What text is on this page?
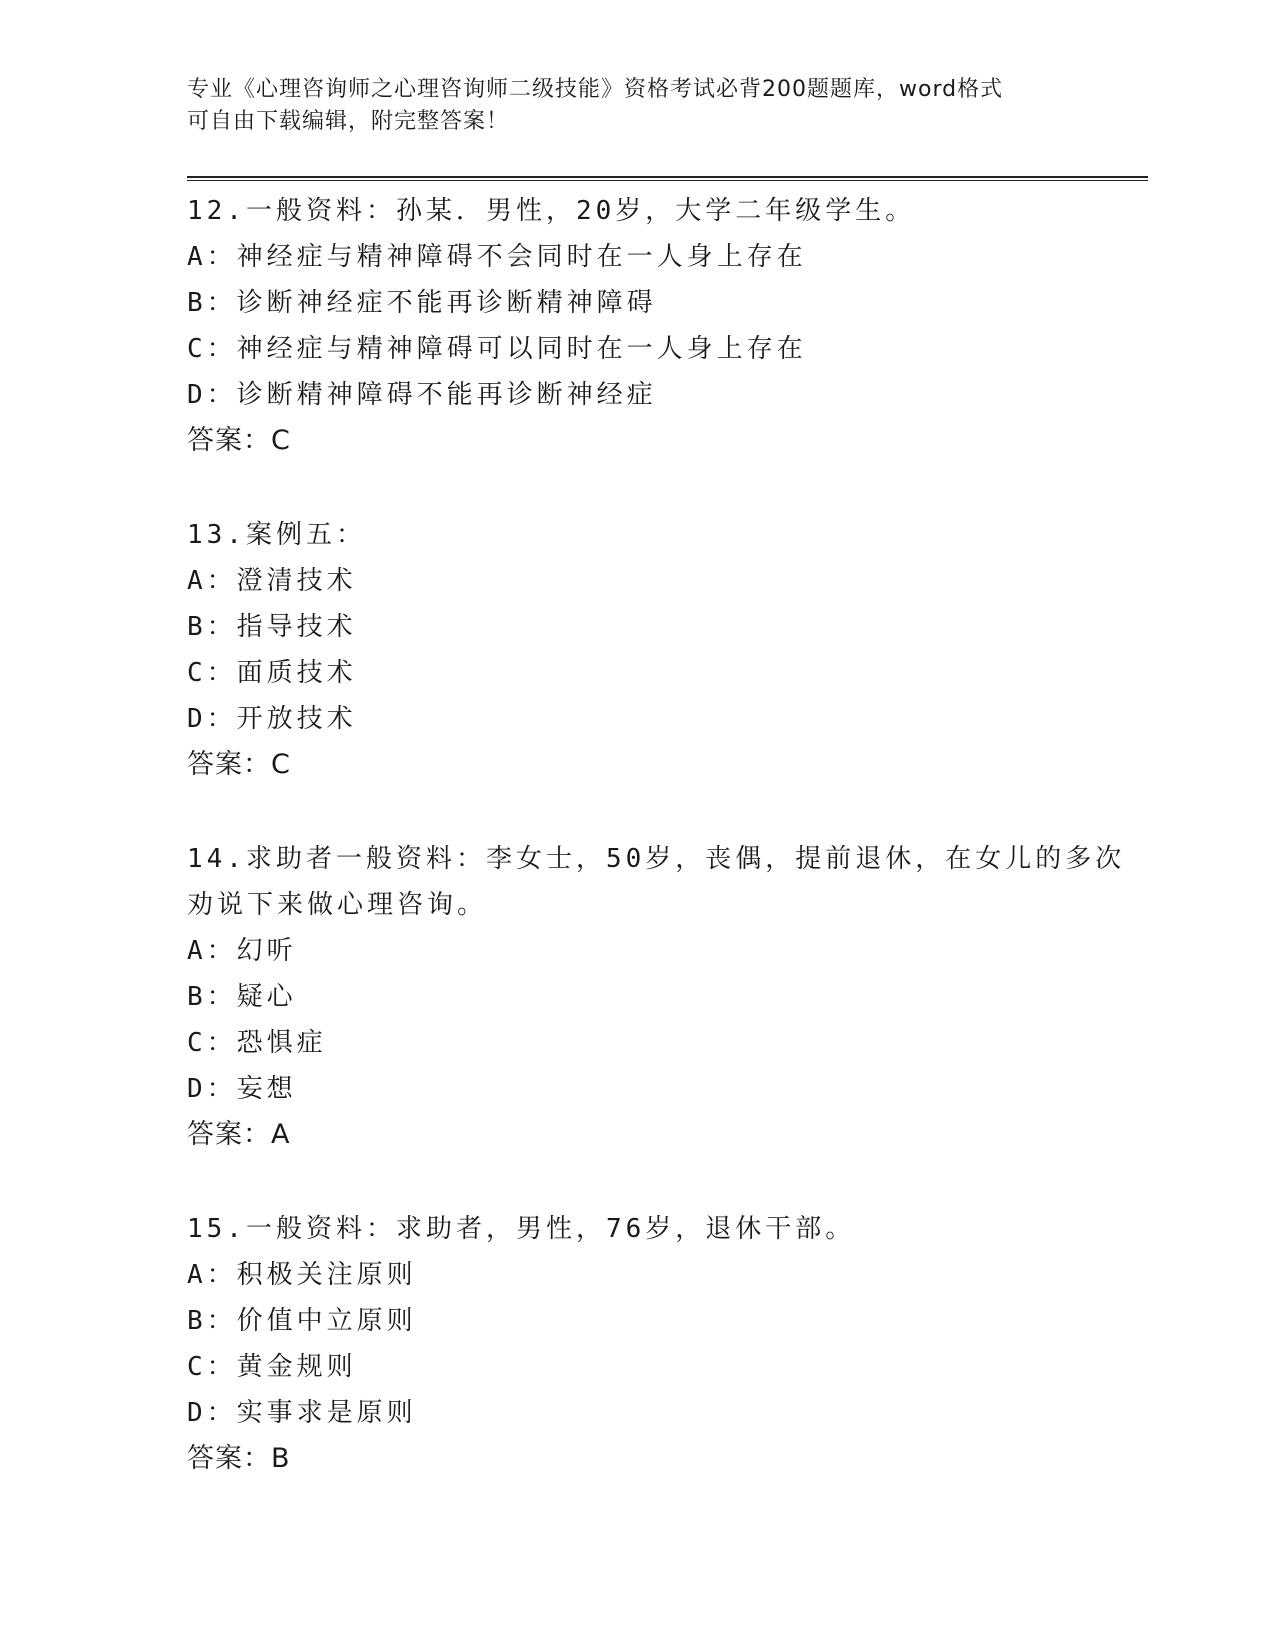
专业《心理咨询师之心理咨询师二级技能》资格考试必背200题题库，word格式
可自由下载编辑，附完整答案！
12.一般资料：孙某．男性，20岁，大学二年级学生。
A：神经症与精神障碍不会同时在一人身上存在
B：诊断神经症不能再诊断精神障碍
C：神经症与精神障碍可以同时在一人身上存在
D：诊断精神障碍不能再诊断神经症
答案：C
13.案例五：
A：澄清技术
B：指导技术
C：面质技术
D：开放技术
答案：C
14.求助者一般资料：李女士，50岁，丧偶，提前退休，在女儿的多次
劝说下来做心理咨询。
A：幻听
B：疑心
C：恐惧症
D：妄想
答案：A
15.一般资料：求助者，男性，76岁，退休干部。
A：积极关注原则
B：价值中立原则
C：黄金规则
D：实事求是原则
答案：B
